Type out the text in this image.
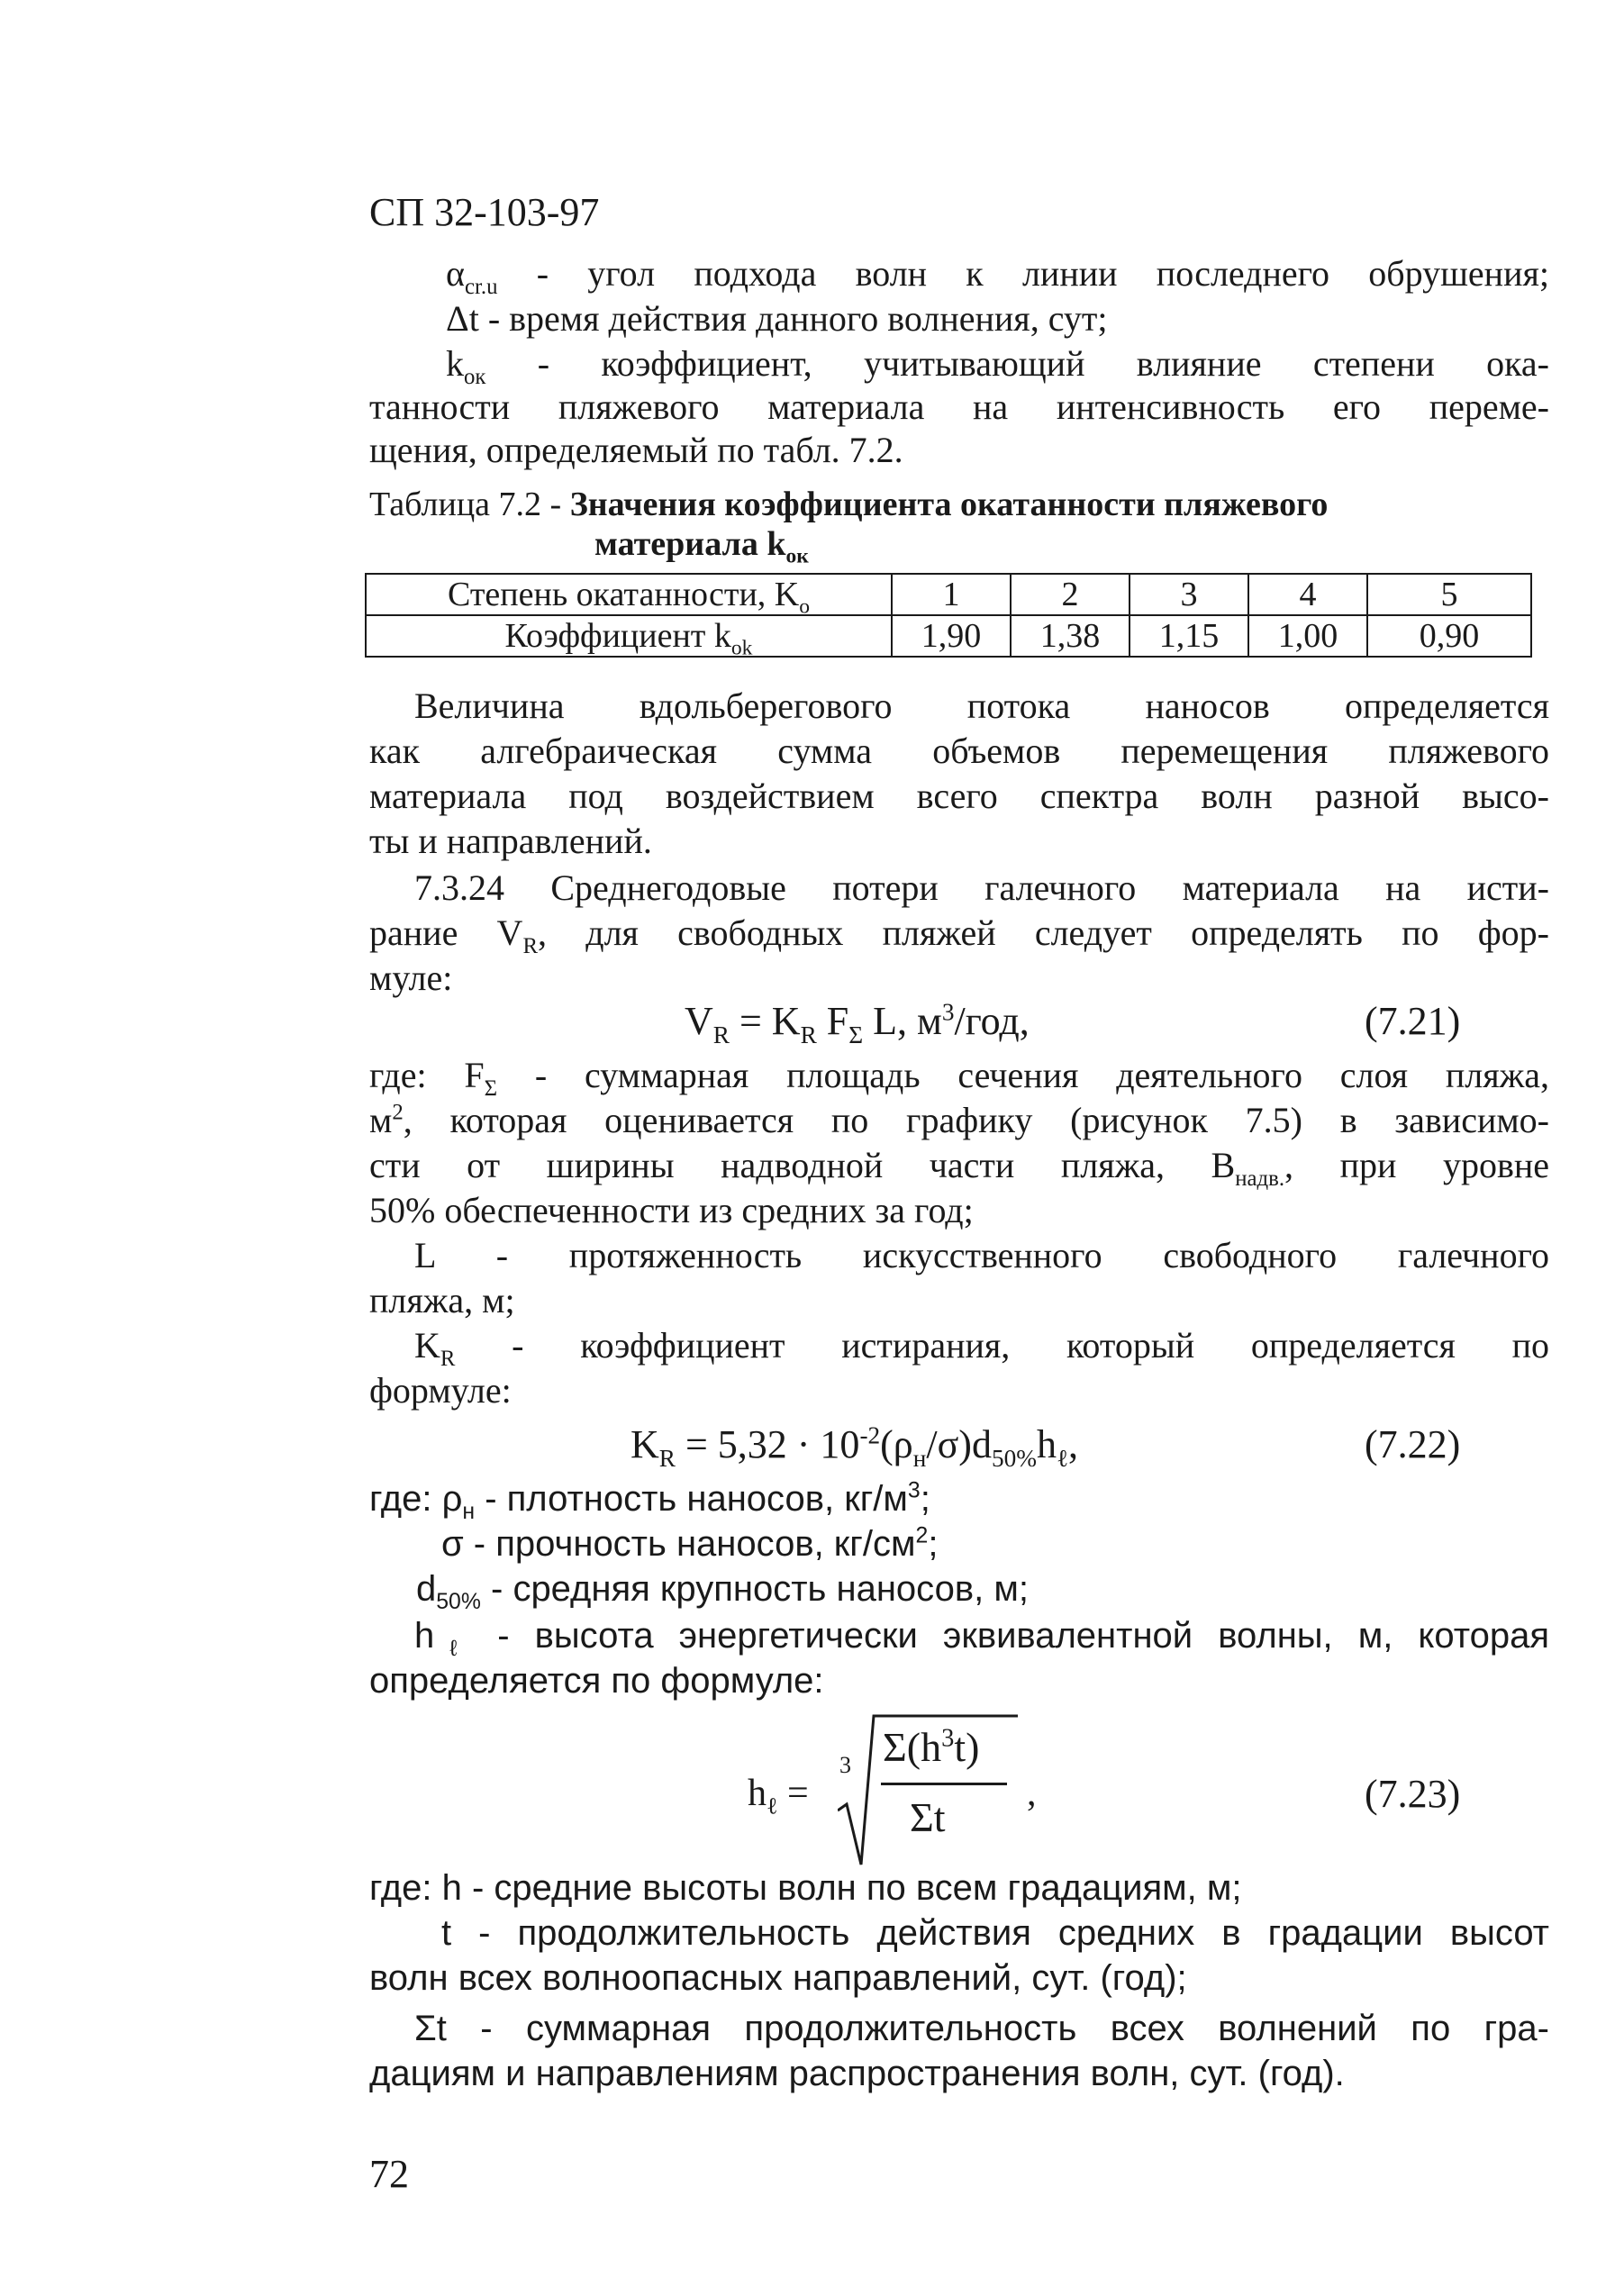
СП 32-103-97
$\alpha_{cr.u}$ - угол подхода волн к линии последнего обрушения;
Δt - время действия данного волнения, сут;
$k_{ок}$ - коэффициент, учитывающий влияние степени ока-
танности пляжевого материала на интенсивность его переме-
щения, определяемый по табл. 7.2.
Таблица 7.2 - Значения коэффициента окатанности пляжевого
материала $k_{ок}$
Степень окатанности, $K_o$	1	2	3	4	5
Коэффициент $k_{ok}$	1,90	1,38	1,15	1,00	0,90
Величина вдольберегового потока наносов определяется
как алгебраическая сумма объемов перемещения пляжевого
материала под воздействием всего спектра волн разной высо-
ты и направлений.
7.3.24 Среднегодовые потери галечного материала на исти-
рание $V_R$, для свободных пляжей следует определять по фор-
муле:
$V_R = K_R$ $F_\Sigma$ L, $м^3$/год,	(7.21)
где: $F_\Sigma$ - суммарная площадь сечения деятельного слоя пляжа,
$м^2$, которая оценивается по графику (рисунок 7.5) в зависимо-
сти от ширины надводной части пляжа, $В_{надв.}$, при уровне
50% обеспеченности из средних за год;
L - протяженность искусственного свободного галечного
пляжа, м;
$K_R$ - коэффициент истирания, который определяется по
формуле:
$K_R = 5,32 \cdot 10^{-2}(\rho_н/\sigma)d_{50\%}h_\ell$,	(7.22)
где: $\rho_н$ - плотность наносов, $кг/м^3$;
σ - прочность наносов, $кг/см^2$;
$d_{50\%}$ - средняя крупность наносов, м;
$h_\ell$ - высота энергетически эквивалентной волны, м, которая
определяется по формуле:
$h_\ell$ =
3 $\Sigma(h^3t)$
Σt
,	(7.23)
где: h - средние высоты волн по всем градациям, м;
t - продолжительность действия средних в градации высот
волн всех волноопасных направлений, сут. (год);
Σt - суммарная продолжительность всех волнений по гра-
дациям и направлениям распространения волн, сут. (год).
72
